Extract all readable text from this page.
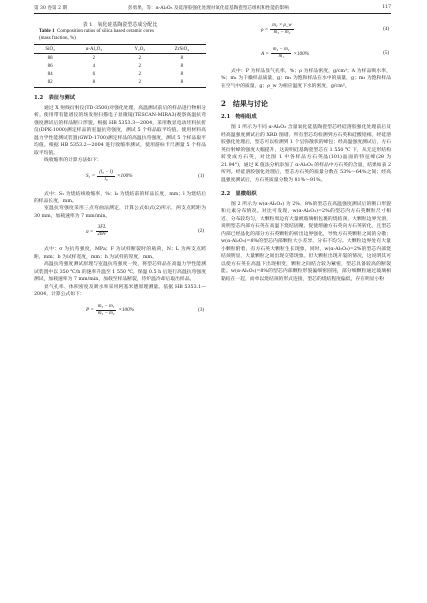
第 30 卷第 2 期	彭勇果，等：α-Al₂O₃ 及硅溶胶强化处理对氧化硅基陶瓷型芯组织和性能的影响	117
表 1　氧化硅基陶瓷型芯成分配比
Table 1 Composition ratios of silica based ceramic cores
(mass fraction, %)
SiO₂	α-Al₂O₃	Y₂O₃	ZrSiO₄
88	2	2	8
86	4	2	8
84	6	2	8
82	8	2	8
1.2　表征与测试

通过 X 射线衍射仪(TD-3500)对强化处理、高温测试前后的样品进行物相分析。使用带有能谱仪的场发射扫描电子显微镜(TESCAN-MIRA3)观察高温抗弯强度测试后的样品断口形貌。根据 HB 5353.3—2004，采用数显电动坯料抗折仪(DPK-1000)测定样品的室温抗弯强度，测试 5 个样品取平均值。使用材料高温力学性能测试装置(GWD-1700)测定样品的高温抗弯强度，测试 5 个样品取平均值。根据 HB 5353.2—2004 进行收缩率测试，使用游标卡尺测量 5 个样品取平均值。

线收缩率的计算方法如下：

$S_1 = \frac{\text{(l₀ − l)}}{\text{l₀}} \times 100\%$	(1)

式中：S₁ 为烧结线收缩率，%；l₀ 为烧结前的样品长度，mm；l 为烧结后的样品长度，mm。

室温抗弯强度采用三点弯曲法测定，计算公式如式(2)所示，两支点跨距为 30 mm，加载速率为 7 mm/min。

$\sigma = \frac{3FL}{\text{2bh²}}$	(2)

式中：σ 为抗弯强度，MPa；F 为试样断裂时的载荷，N；L 为两支点跨距，mm；b 为试样宽度，mm；h 为试样的厚度，mm。

高温抗弯强度测试原理与室温抗弯强度一致，将型芯样品在高温力学性能测试装置中以 350 ℃/h 的速率升温至 1 550 ℃，保温 0.5 h 后进行高温抗弯强度测试，加载速率为 7 mm/min，加载至样品断裂，待炉温冷却后取出样品。

显气孔率、体积密度及吸水率采用阿基米德原理测量。依据 HB 5353.1—2004，计算公式如下：

$P = \frac{\text{m₃ − m₁}}{\text{m₃ − m₂}} \times 100\%$	(3)
$\rho = \frac{\text{m₁ × ρ\_w}}{\text{m₃ − m₂}}$	(4)
$A = \frac{\text{m₃ − m₁}}{\text{m₁}} \times 100\%$	(5)

式中：P 为样品显气孔率，%；ρ 为样品密度，g/cm³；A 为样品吸水率，%；m₁ 为干燥样品质量，g；m₂ 为饱和样品在水中的质量，g；m₃ 为饱和样品在空气中的质量，g；ρ_w 为相应温度下水的密度，g/cm³。

2　结果与讨论
2.1　物相组成

图 1 所示为不同 α-Al₂O₃ 含量氧化硅基陶瓷型芯经硅溶胶强化处理前后及经高温强度测试后的 XRD 图谱。所有型芯均检测到方石英和硅酸锆相。经硅溶胶强化处理后，型芯可以检测到 1 个呈弥散状的峰包；经高温强度测试后，方石英衍射峰的强度大幅提升，这说明硅基陶瓷型芯在 1 550 ℃ 下，从无定形结构转变成方石英，对比图 1 中各样品方石英晶(101)晶面的特征峰(2θ 为 21.94°)，通过 K 值法分析添加了 α-Al₂O₃ 的样品中方石英的含量，结果如表 2 所列。经硅溶胶强化处理后，型芯方石英的质量分数在 53%～64%之间；经高温强度测试后，方石英质量分数为 81%～91%。

2.2　显微组织

图 2 所示为 w(α-Al₂O₃) 为 2%、8%的型芯在高温强度测试后的断口形貌和元素分布情况。对比可发现，w(α-Al₂O₃)=2%的型芯内方石英颗粒尺寸相近、分布较均匀，大颗粒周边有大量被玻璃相包裹的烧结颈，大颗粒边界光滑，说明型芯内部方石英在高温下烧结固聚，促使熔融方石英向方石英转化，且型芯内部已经晶化的部分方石英颗粒的析出边界强化，导致方石英颗粒之间的分散；w(α-Al₂O₃)=8%的型芯内部颗粒大小差异、分布不均匀。大颗粒边界处有大量小颗粒附着，有方石英大颗粒生长现象，同时，w(α-Al₂O₃)=2%的型芯内部烧结颈明显，大量颗粒之间出现交错现象。但大颗粒出现开裂的情况，这说明其可以使方石英在高温下出现相变，颗粒之间结合较为紧密，型芯具备较高的断裂能。w(α-Al₂O₃)=8%的型芯内部颗粒形貌偏细密圆钝，部分细颗粒通过玻璃相黏结在一起，而单以烧结颈的形式连接，型芯的烧结程度偏低，存在明显小粉
